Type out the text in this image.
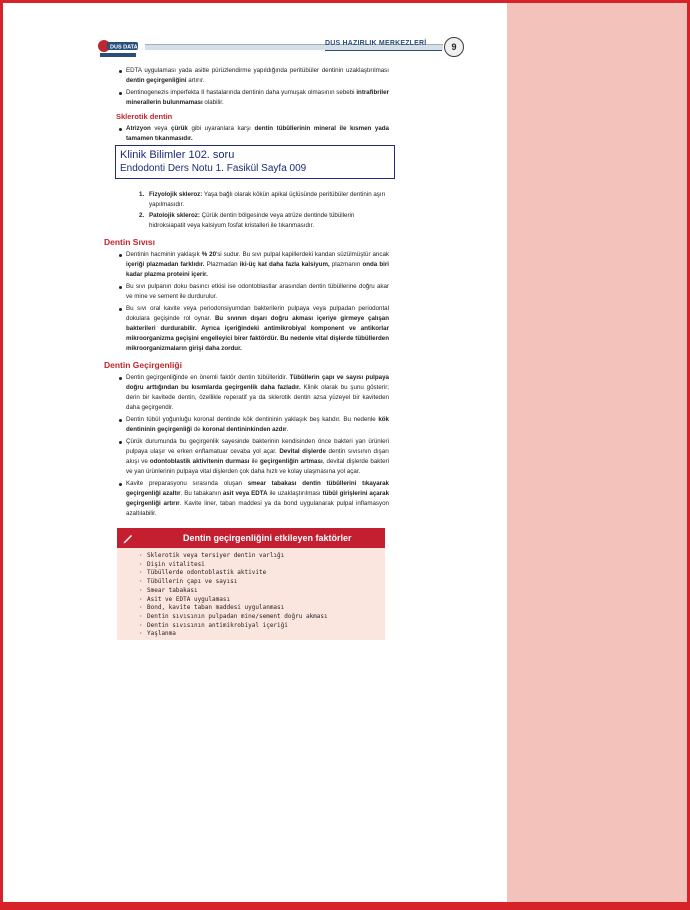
DUS DATA
DUS HAZIRLIK MERKEZLERİ	9
EDTA uygulaması yada asitle pürüzlendirme yapıldığında peritübüler dentinin uzaklaştırılması dentin geçirgenliğini artırır.
Dentinogenezis imperfekta II hastalarında dentinin daha yumuşak olmasının sebebi intrafibriler minerallerin bulunmaması olabilir.
Sklerotik dentin
Atrizyon veya çürük gibi uyaranlara karşı dentin tübüllerinin mineral ile kısmen yada tamamen tıkanmasıdır.
1. Fizyolojik skleroz: Yaşa bağlı olarak kökün apikal üçlüsünde peritübüler dentinin aşırı yapılmasıdır.
2. Patolojik skleroz: Çürük dentin bölgesinde veya atrüze dentinde tübüllerin hidroksiapatit veya kalsiyum fosfat kristalleri ile tıkanmasıdır.
Dentin Sıvısı
Dentinin hacminin yaklaşık % 20'si sudur. Bu sıvı pulpal kapillerdeki kandan süzülmüştür ancak içeriği plazmadan farklıdır. Plazmadan iki-üç kat daha fazla kalsiyum, plazmanın onda biri kadar plazma proteini içerir.
Bu sıvı pulpanın doku basıncı etkisi ise odontoblastlar arasından dentin tübüllerine doğru akar ve mine ve sement ile durdurulur.
Bu sıvı oral kavite veya periodonsiyumdan bakterilerin pulpaya veya pulpadan periodontal dokulara geçişinde rol oynar. Bu sıvının dışarı doğru akması içeriye girmeye çalışan bakterileri durdurabilir. Ayrıca içeriğindeki antimikrobiyal komponent ve antikorlar mikroorganizma geçişini engelleyici birer faktördür. Bu nedenle vital dişlerde tübüllerden mikroorganizmaların girişi daha zordur.
Dentin Geçirgenliği
Dentin geçirgenliğinde en önemli faktör dentin tübülleridir. Tübüllerin çapı ve sayısı pulpaya doğru arttığından bu kısımlarda geçirgenlik daha fazladır. Klinik olarak bu şunu gösterir; derin bir kavitede dentin, özellikle reperatif ya da sklerotik dentin azsa yüzeyel bir kaviteden daha geçirgendir.
Dentin tübül yoğunluğu koronal dentinde kök dentininin yaklaşık beş katıdır. Bu nedenle kök dentininin geçirgenliği de koronal dentininkinden azdır.
Çürük durumunda bu geçirgenlik sayesinde bakterinin kendisinden önce bakteri yan ürünleri pulpaya ulaşır ve erken enflamatuar cevaba yol açar. Devital dişlerde dentin sıvısının dışarı akışı ve odontoblastik aktivitenin durması ile geçirgenliğin artması, devital dişlerde bakteri ve yan ürünlerinin pulpaya vital dişlerden çok daha hızlı ve kolay ulaşmasına yol açar.
Kavite preparasyonu sırasında oluşan smear tabakası dentin tübüllerini tıkayarak geçirgenliği azaltır. Bu tabakanın asit veya EDTA ile uzaklaştırılması tübül girişlerini açarak geçirgenliği artırır. Kavite liner, taban maddesi ya da bond uygulanarak pulpal inflamasyon azaltılabilir.
Klinik Bilimler 102. soru
Endodonti Ders Notu 1. Fasikül Sayfa 009
Dentin geçirgenliğini etkileyen faktörler
· Sklerotik veya tersiyer dentin varlığı
· Dişin vitalitesi
· Tübüllerde odontoblastik aktivite
· Tübüllerin çapı ve sayısı
· Smear tabakası
· Asit ve EDTA uygulaması
· Bond, kavite taban maddesi uygulanması
· Dentin sıvısının pulpadan mine/sement doğru akması
· Dentin sıvısının antimikrobiyal içeriği
· Yaşlanma
